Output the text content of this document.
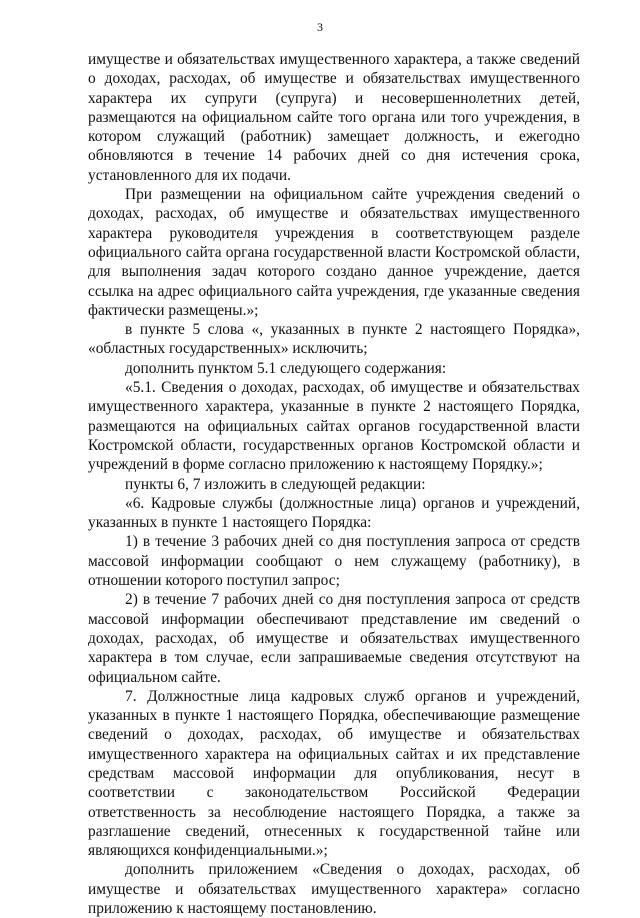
3

имуществе и обязательствах имущественного характера, а также сведений о доходах, расходах, об имуществе и обязательствах имущественного характера их супруги (супруга) и несовершеннолетних детей, размещаются на официальном сайте того органа или того учреждения, в котором служащий (работник) замещает должность, и ежегодно обновляются в течение 14 рабочих дней со дня истечения срока, установленного для их подачи.

При размещении на официальном сайте учреждения сведений о доходах, расходах, об имуществе и обязательствах имущественного характера руководителя учреждения в соответствующем разделе официального сайта органа государственной власти Костромской области, для выполнения задач которого создано данное учреждение, дается ссылка на адрес официального сайта учреждения, где указанные сведения фактически размещены.»;

в пункте 5 слова «, указанных в пункте 2 настоящего Порядка», «областных государственных» исключить;

дополнить пунктом 5.1 следующего содержания:

«5.1. Сведения о доходах, расходах, об имуществе и обязательствах имущественного характера, указанные в пункте 2 настоящего Порядка, размещаются на официальных сайтах органов государственной власти Костромской области, государственных органов Костромской области и учреждений в форме согласно приложению к настоящему Порядку.»;

пункты 6, 7 изложить в следующей редакции:

«6. Кадровые службы (должностные лица) органов и учреждений, указанных в пункте 1 настоящего Порядка:

1) в течение 3 рабочих дней со дня поступления запроса от средств массовой информации сообщают о нем служащему (работнику), в отношении которого поступил запрос;

2) в течение 7 рабочих дней со дня поступления запроса от средств массовой информации обеспечивают представление им сведений о доходах, расходах, об имуществе и обязательствах имущественного характера в том случае, если запрашиваемые сведения отсутствуют на официальном сайте.

7. Должностные лица кадровых служб органов и учреждений, указанных в пункте 1 настоящего Порядка, обеспечивающие размещение сведений о доходах, расходах, об имуществе и обязательствах имущественного характера на официальных сайтах и их представление средствам массовой информации для опубликования, несут в соответствии с законодательством Российской Федерации ответственность за несоблюдение настоящего Порядка, а также за разглашение сведений, отнесенных к государственной тайне или являющихся конфиденциальными.»;

дополнить приложением «Сведения о доходах, расходах, об имуществе и обязательствах имущественного характера» согласно приложению к настоящему постановлению.
